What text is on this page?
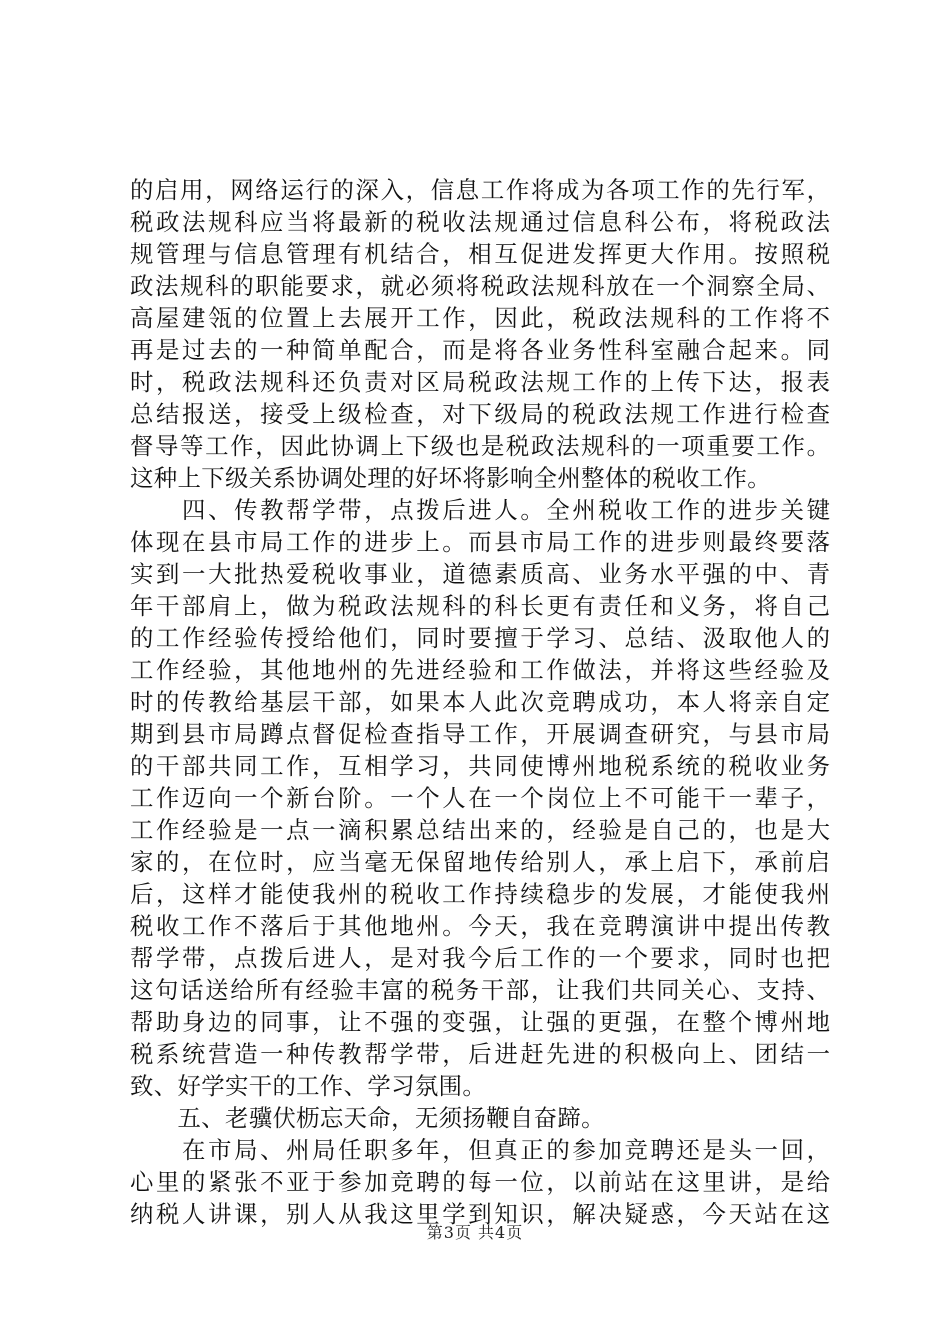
的启用，网络运行的深入，信息工作将成为各项工作的先行军，
税政法规科应当将最新的税收法规通过信息科公布，将税政法
规管理与信息管理有机结合，相互促进发挥更大作用。按照税
政法规科的职能要求，就必须将税政法规科放在一个洞察全局、
高屋建瓴的位置上去展开工作，因此，税政法规科的工作将不
再是过去的一种简单配合，而是将各业务性科室融合起来。同
时，税政法规科还负责对区局税政法规工作的上传下达，报表
总结报送，接受上级检查，对下级局的税政法规工作进行检查
督导等工作，因此协调上下级也是税政法规科的一项重要工作。
这种上下级关系协调处理的好坏将影响全州整体的税收工作。
　　四、传教帮学带，点拨后进人。全州税收工作的进步关键
体现在县市局工作的进步上。而县市局工作的进步则最终要落
实到一大批热爱税收事业，道德素质高、业务水平强的中、青
年干部肩上，做为税政法规科的科长更有责任和义务，将自己
的工作经验传授给他们，同时要擅于学习、总结、汲取他人的
工作经验，其他地州的先进经验和工作做法，并将这些经验及
时的传教给基层干部，如果本人此次竞聘成功，本人将亲自定
期到县市局蹲点督促检查指导工作，开展调查研究，与县市局
的干部共同工作，互相学习，共同使博州地税系统的税收业务
工作迈向一个新台阶。一个人在一个岗位上不可能干一辈子，
工作经验是一点一滴积累总结出来的，经验是自己的，也是大
家的，在位时，应当毫无保留地传给别人，承上启下，承前启
后，这样才能使我州的税收工作持续稳步的发展，才能使我州
税收工作不落后于其他地州。今天，我在竞聘演讲中提出传教
帮学带，点拨后进人，是对我今后工作的一个要求，同时也把
这句话送给所有经验丰富的税务干部，让我们共同关心、支持、
帮助身边的同事，让不强的变强，让强的更强，在整个博州地
税系统营造一种传教帮学带，后进赶先进的积极向上、团结一
致、好学实干的工作、学习氛围。
　　五、老骥伏枥忘天命，无须扬鞭自奋蹄。
　　在市局、州局任职多年，但真正的参加竞聘还是头一回，
心里的紧张不亚于参加竞聘的每一位，以前站在这里讲，是给
纳税人讲课，别人从我这里学到知识，解决疑惑，今天站在这
第3页 共4页
